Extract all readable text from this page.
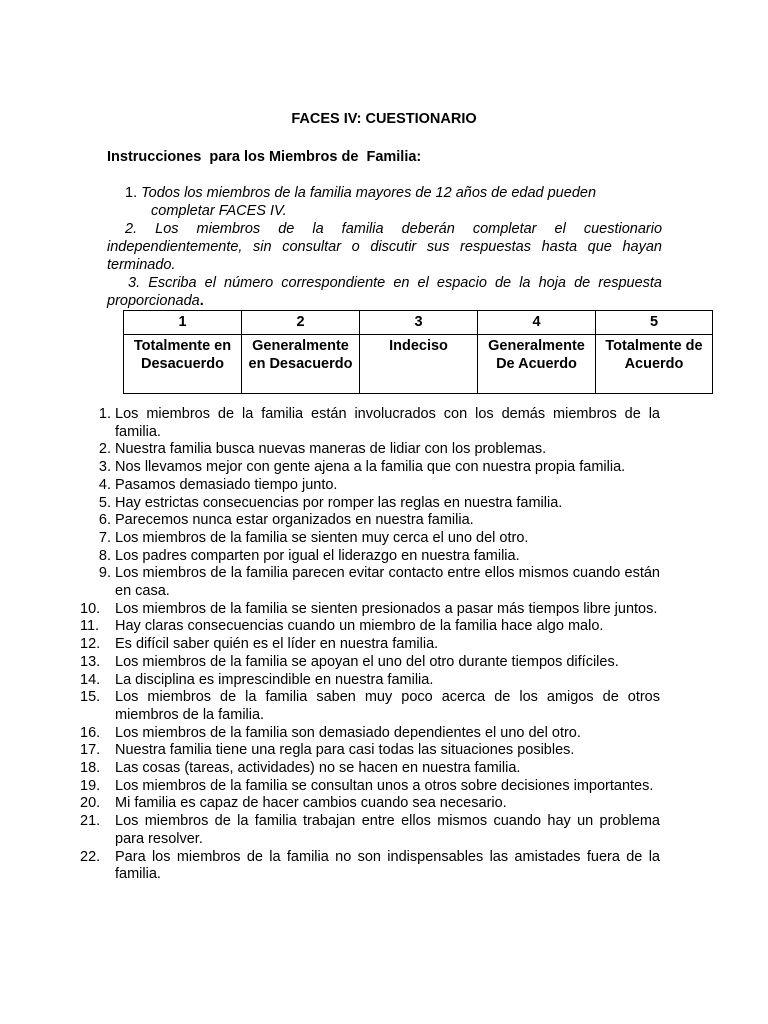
FACES IV: CUESTIONARIO
Instrucciones  para los Miembros de  Familia:
1. Todos los miembros de la familia mayores de 12 años de edad pueden
completar FACES IV.
2. Los miembros de la familia deberán completar el cuestionario independientemente, sin consultar o discutir sus respuestas hasta que hayan terminado.
3. Escriba el número correspondiente en el espacio de la hoja de respuesta proporcionada.
1	2	3	4	5
Totalmente en Desacuerdo	Generalmente en Desacuerdo	Indeciso	Generalmente De Acuerdo	Totalmente de Acuerdo
1. Los miembros de la familia están involucrados con los demás miembros de la familia.
2. Nuestra familia busca nuevas maneras de lidiar con los problemas.
3. Nos llevamos mejor con gente ajena a la familia que con nuestra propia familia.
4. Pasamos demasiado tiempo junto.
5. Hay estrictas consecuencias por romper las reglas en nuestra familia.
6. Parecemos nunca estar organizados en nuestra familia.
7. Los miembros de la familia se sienten muy cerca el uno del otro.
8. Los padres comparten por igual el liderazgo en nuestra familia.
9. Los miembros de la familia parecen evitar contacto entre ellos mismos cuando están en casa.
10.	Los miembros de la familia se sienten presionados a pasar más tiempos libre juntos.
11.	Hay claras consecuencias cuando un miembro de la familia hace algo malo.
12.	Es difícil saber quién es el líder en nuestra familia.
13.	Los miembros de la familia se apoyan el uno del otro durante tiempos difíciles.
14.	La disciplina es imprescindible en nuestra familia.
15.	Los miembros de la familia saben muy poco acerca de los amigos de otros miembros de la familia.
16.	Los miembros de la familia son demasiado dependientes el uno del otro.
17.	Nuestra familia tiene una regla para casi todas las situaciones posibles.
18.	Las cosas (tareas, actividades) no se hacen en nuestra familia.
19.	Los miembros de la familia se consultan unos a otros sobre decisiones importantes.
20.	Mi familia es capaz de hacer cambios cuando sea necesario.
21.	Los miembros de la familia trabajan entre ellos mismos cuando hay un problema para resolver.
22.	Para los miembros de la familia no son indispensables las amistades fuera de la familia.
